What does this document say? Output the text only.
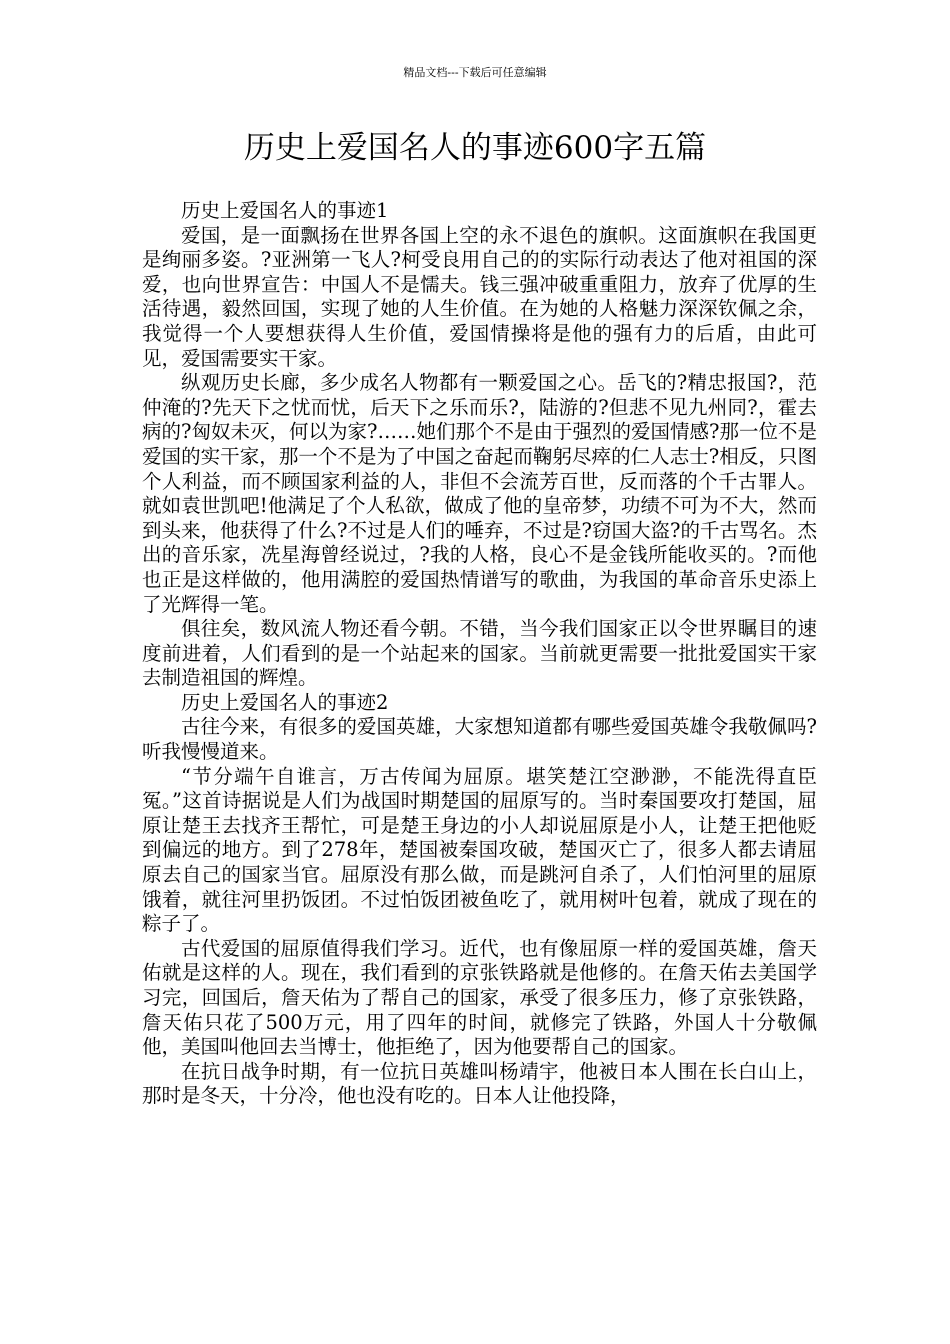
精品文档---下载后可任意编辑
历史上爱国名人的事迹600字五篇

历史上爱国名人的事迹1

爱国，是一面飘扬在世界各国上空的永不退色的旗帜。这面旗帜在我国更是绚丽多姿。?亚洲第一飞人?柯受良用自己的的实际行动表达了他对祖国的深爱，也向世界宣告：中国人不是懦夫。钱三强冲破重重阻力，放弃了优厚的生活待遇，毅然回国，实现了她的人生价值。在为她的人格魅力深深钦佩之余，我觉得一个人要想获得人生价值，爱国情操将是他的强有力的后盾，由此可见，爱国需要实干家。

纵观历史长廊，多少成名人物都有一颗爱国之心。岳飞的?精忠报国?，范仲淹的?先天下之忧而忧，后天下之乐而乐?，陆游的?但悲不见九州同?，霍去病的?匈奴未灭，何以为家?……她们那个不是由于强烈的爱国情感?那一位不是爱国的实干家，那一个不是为了中国之奋起而鞠躬尽瘁的仁人志士?相反，只图个人利益，而不顾国家利益的人，非但不会流芳百世，反而落的个千古罪人。就如袁世凯吧!他满足了个人私欲，做成了他的皇帝梦，功绩不可为不大，然而到头来，他获得了什么?不过是人们的唾弃，不过是?窃国大盗?的千古骂名。杰出的音乐家，冼星海曾经说过，?我的人格，良心不是金钱所能收买的。?而他也正是这样做的，他用满腔的爱国热情谱写的歌曲，为我国的革命音乐史添上了光辉得一笔。

俱往矣，数风流人物还看今朝。不错，当今我们国家正以令世界瞩目的速度前进着，人们看到的是一个站起来的国家。当前就更需要一批批爱国实干家去制造祖国的辉煌。

历史上爱国名人的事迹2

古往今来，有很多的爱国英雄，大家想知道都有哪些爱国英雄令我敬佩吗?听我慢慢道来。

“节分端午自谁言，万古传闻为屈原。堪笑楚江空渺渺，不能洗得直臣冤。”这首诗据说是人们为战国时期楚国的屈原写的。当时秦国要攻打楚国，屈原让楚王去找齐王帮忙，可是楚王身边的小人却说屈原是小人，让楚王把他贬到偏远的地方。到了278年，楚国被秦国攻破，楚国灭亡了，很多人都去请屈原去自己的国家当官。屈原没有那么做，而是跳河自杀了，人们怕河里的屈原饿着，就往河里扔饭团。不过怕饭团被鱼吃了，就用树叶包着，就成了现在的粽子了。

古代爱国的屈原值得我们学习。近代，也有像屈原一样的爱国英雄，詹天佑就是这样的人。现在，我们看到的京张铁路就是他修的。在詹天佑去美国学习完，回国后，詹天佑为了帮自己的国家，承受了很多压力，修了京张铁路，詹天佑只花了500万元，用了四年的时间，就修完了铁路，外国人十分敬佩他，美国叫他回去当博士，他拒绝了，因为他要帮自己的国家。

在抗日战争时期，有一位抗日英雄叫杨靖宇，他被日本人围在长白山上，那时是冬天，十分冷，他也没有吃的。日本人让他投降，
